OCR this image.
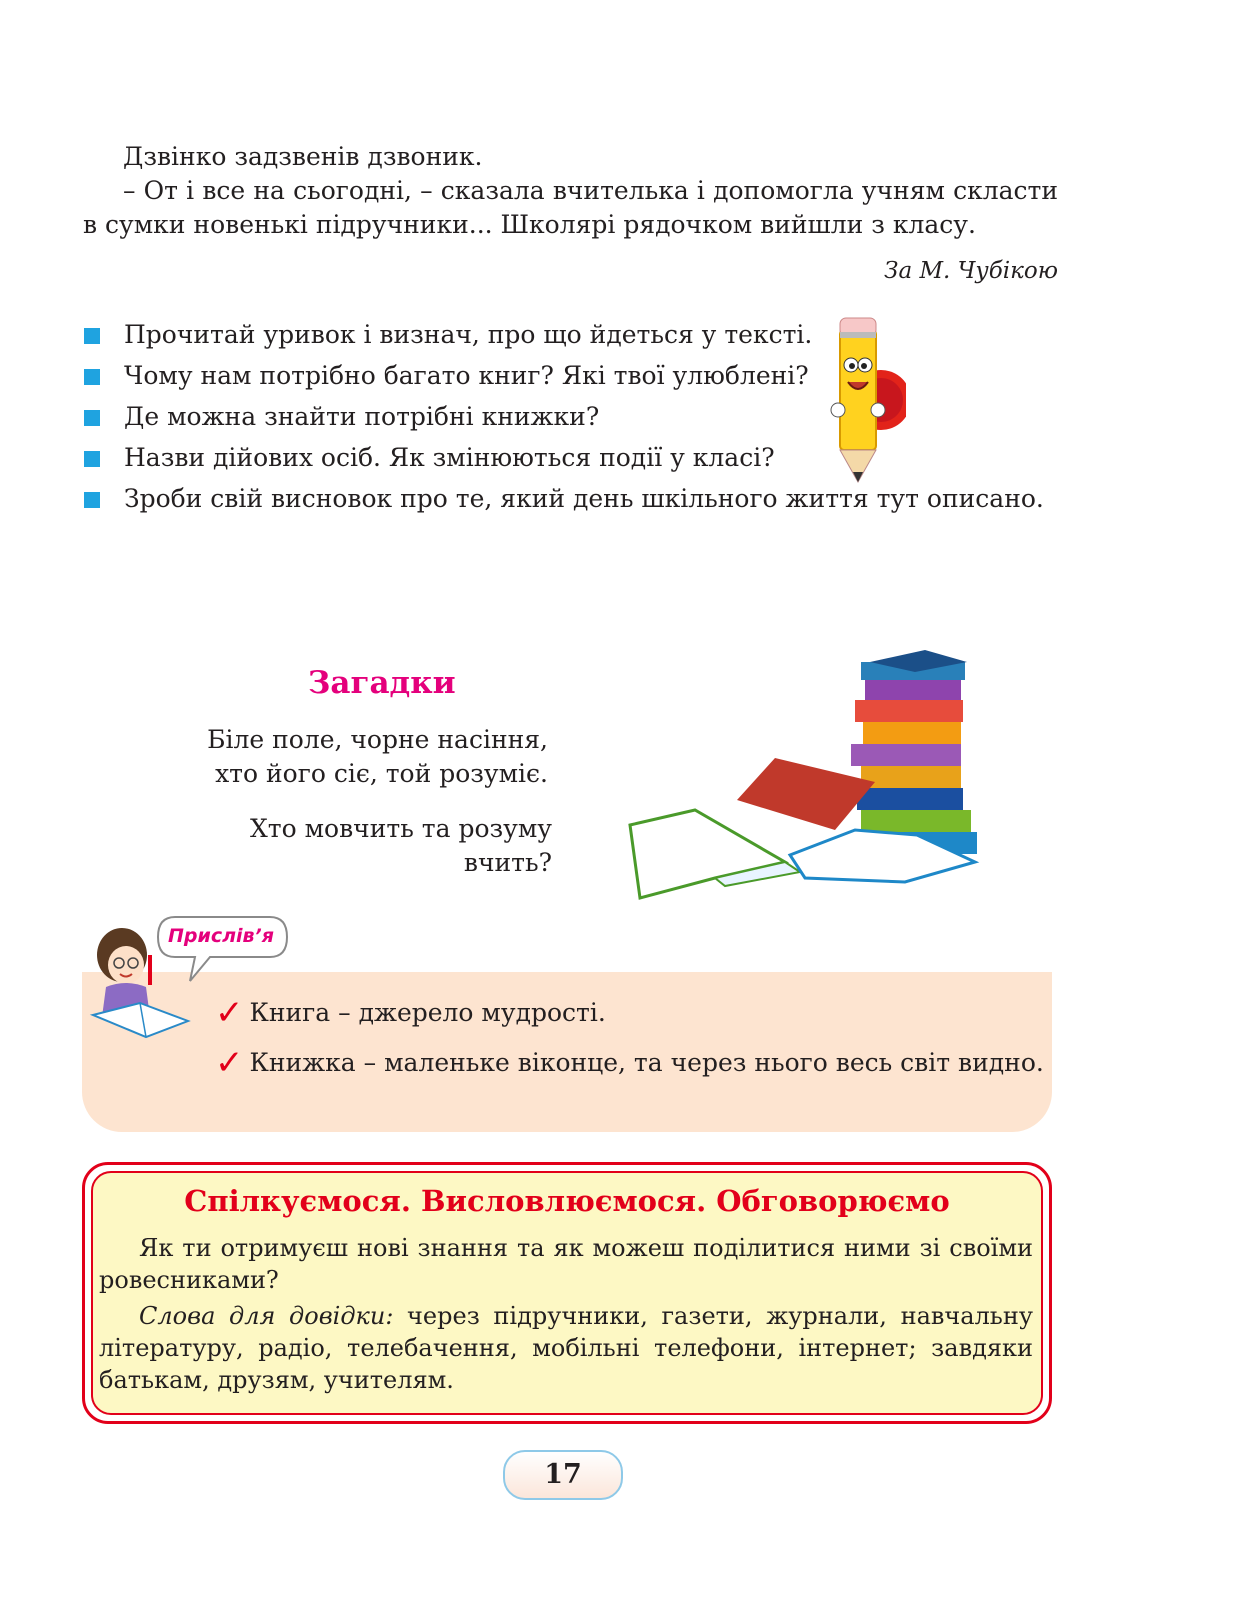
Дзвінко задзвенів дзвоник.

– От і все на сьогодні, – сказала вчителька і допомогла учням скласти в сумки новенькі підручники... Школярі рядочком вийшли з класу.

За М. Чубікою
Прочитай уривок і визнач, про що йдеться у тексті.
Чому нам потрібно багато книг? Які твої улюблені?
Де можна знайти потрібні книжки?
Назви дійових осіб. Як змінюються події у класі?
Зроби свій висновок про те, який день шкільного життя тут описано.
Загадки
Біле поле, чорне насіння,
хто його сіє, той розуміє.
Хто мовчить та розуму вчить?
Прислів’я
✓ Книга – джерело мудрості.
✓ Книжка – маленьке віконце, та через нього весь світ видно.
Спілкуємося. Висловлюємося. Обговорюємо

Як ти отримуєш нові знання та як можеш поділитися ними зі своїми ровесниками?

Слова для довідки: через підручники, газети, журнали, навчальну літературу, радіо, телебачення, мобільні телефони, інтернет; завдяки батькам, друзям, учителям.

17
